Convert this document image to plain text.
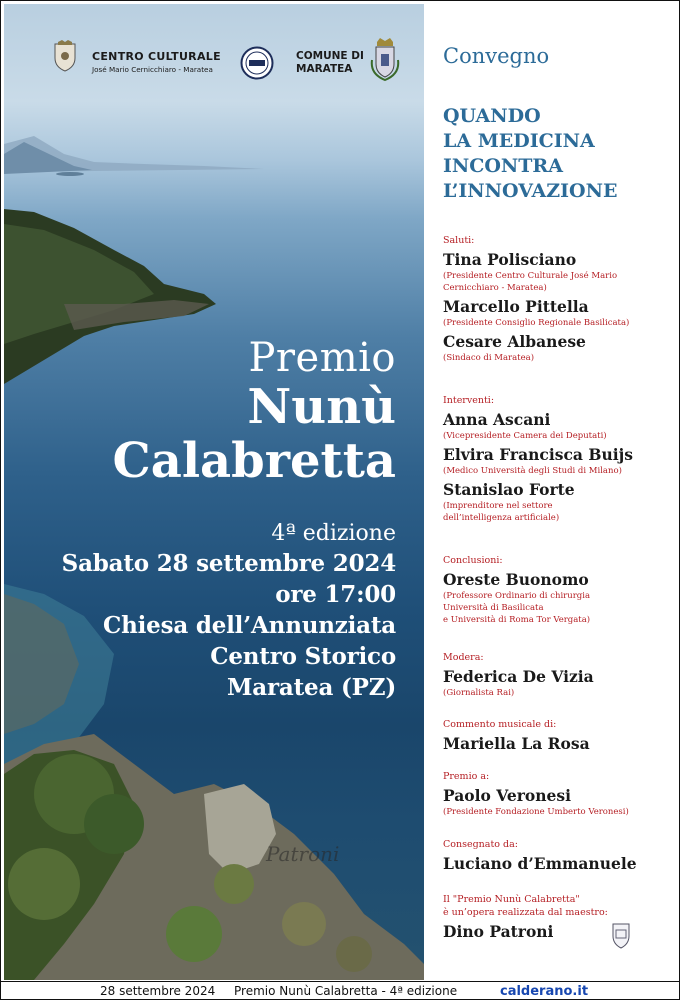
CENTRO CULTURALE
José Mario Cernicchiaro - Maratea
COMUNE DI
MARATEA
Premio
Nunù
Calabretta
4ª edizione
Sabato 28 settembre 2024
ore 17:00
Chiesa dell’Annunziata
Centro Storico
Maratea (PZ)
Patroni
Convegno
QUANDO
LA MEDICINA
INCONTRA
L’INNOVAZIONE
Saluti:
Tina Polisciano
(Presidente Centro Culturale José Mario
Cernicchiaro - Maratea)
Marcello Pittella
(Presidente Consiglio Regionale Basilicata)
Cesare Albanese
(Sindaco di Maratea)
Interventi:
Anna Ascani
(Vicepresidente Camera dei Deputati)
Elvira Francisca Buijs
(Medico Università degli Studi di Milano)
Stanislao Forte
(Imprenditore nel settore
dell’intelligenza artificiale)
Conclusioni:
Oreste Buonomo
(Professore Ordinario di chirurgia
Università di Basilicata
e Università di Roma Tor Vergata)
Modera:
Federica De Vizia
(Giornalista Rai)
Commento musicale di:
Mariella La Rosa
Premio a:
Paolo Veronesi
(Presidente Fondazione Umberto Veronesi)
Consegnato da:
Luciano d’Emmanuele
Il "Premio Nunù Calabretta"
è un’opera realizzata dal maestro:
Dino Patroni
28 settembre 2024 Premio Nunù Calabretta - 4ª edizione	calderano.it
